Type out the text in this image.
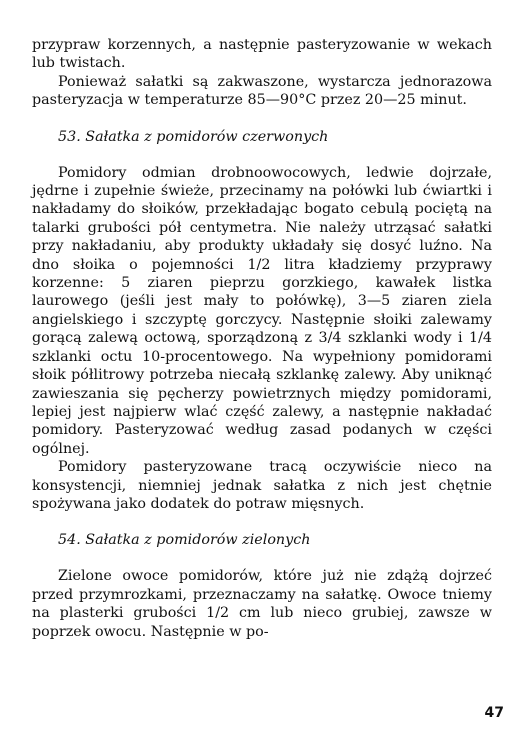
przypraw korzennych, a następnie pasteryzowanie w wekach lub twistach.

Ponieważ sałatki są zakwaszone, wystarcza jednorazowa pasteryzacja w temperaturze 85—90°C przez 20—25 minut.

53. Sałatka z pomidorów czerwonych

Pomidory odmian drobnoowocowych, ledwie dojrzałe, jędrne i zupełnie świeże, przecinamy na połówki lub ćwiartki i nakładamy do słoików, przekładając bogato cebulą pociętą na talarki grubości pół centymetra. Nie należy utrząsać sałatki przy nakładaniu, aby produkty układały się dosyć luźno. Na dno słoika o pojemności 1/2 litra kładziemy przyprawy korzenne: 5 ziaren pieprzu gorzkiego, kawałek listka laurowego (jeśli jest mały to połówkę), 3—5 ziaren ziela angielskiego i szczyptę gorczycy. Następnie słoiki zalewamy gorącą zalewą octową, sporządzoną z 3/4 szklanki wody i 1/4 szklanki octu 10-procentowego. Na wypełniony pomidorami słoik półlitrowy potrzeba niecałą szklankę zalewy. Aby uniknąć zawieszania się pęcherzy powietrznych między pomidorami, lepiej jest najpierw wlać część zalewy, a następnie nakładać pomidory. Pasteryzować według zasad podanych w części ogólnej.

Pomidory pasteryzowane tracą oczywiście nieco na konsystencji, niemniej jednak sałatka z nich jest chętnie spożywana jako dodatek do potraw mięsnych.

54. Sałatka z pomidorów zielonych

Zielone owoce pomidorów, które już nie zdążą dojrzeć przed przymrozkami, przeznaczamy na sałatkę. Owoce tniemy na plasterki grubości 1/2 cm lub nieco grubiej, zawsze w poprzek owocu. Następnie w po-

47
